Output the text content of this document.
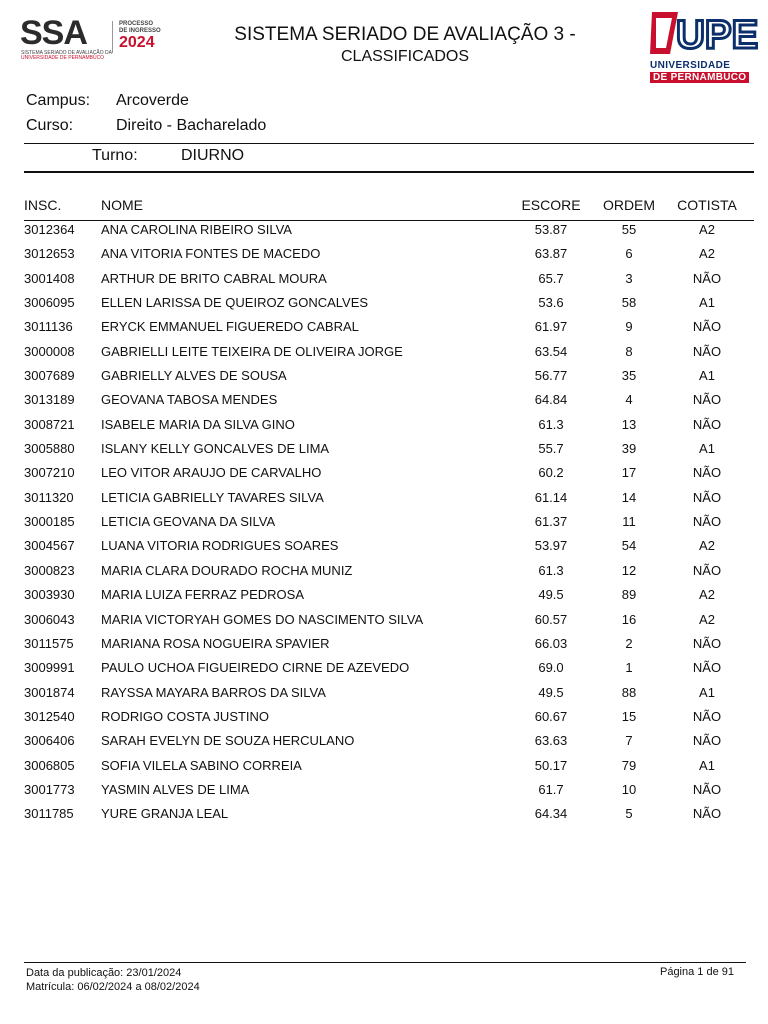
SSA
SISTEMA SERIADO DE AVALIAÇÃO DA
UNIVERSIDADE DE PERNAMBUCO
PROCESSO
DE INGRESSO
2024	SISTEMA SERIADO DE AVALIAÇÃO 3 -
CLASSIFICADOS	UPE
UNIVERSIDADE
DE PERNAMBUCO
Campus: Arcoverde
Curso:	Direito - Bacharelado
Turno:	DIURNO
INSC.	NOME	ESCORE	ORDEM	COTISTA
3012364 ANA CAROLINA RIBEIRO SILVA	53.87	55	A2
3012653 ANA VITORIA FONTES DE MACEDO	63.87	6	A2
3001408 ARTHUR DE BRITO CABRAL MOURA	65.7	3	NÃO
3006095 ELLEN LARISSA DE QUEIROZ GONCALVES	53.6	58	A1
3011136 ERYCK EMMANUEL FIGUEREDO CABRAL	61.97	9	NÃO
3000008 GABRIELLI LEITE TEIXEIRA DE OLIVEIRA JORGE	63.54	8	NÃO
3007689 GABRIELLY ALVES DE SOUSA	56.77	35	A1
3013189 GEOVANA TABOSA MENDES	64.84	4	NÃO
3008721 ISABELE MARIA DA SILVA GINO	61.3	13	NÃO
3005880 ISLANY KELLY GONCALVES DE LIMA	55.7	39	A1
3007210 LEO VITOR ARAUJO DE CARVALHO	60.2	17	NÃO
3011320 LETICIA GABRIELLY TAVARES SILVA	61.14	14	NÃO
3000185 LETICIA GEOVANA DA SILVA	61.37	11	NÃO
3004567 LUANA VITORIA RODRIGUES SOARES	53.97	54	A2
3000823 MARIA CLARA DOURADO ROCHA MUNIZ	61.3	12	NÃO
3003930 MARIA LUIZA FERRAZ PEDROSA	49.5	89	A2
3006043 MARIA VICTORYAH GOMES DO NASCIMENTO SILVA	60.57	16	A2
3011575 MARIANA ROSA NOGUEIRA SPAVIER	66.03	2	NÃO
3009991 PAULO UCHOA FIGUEIREDO CIRNE DE AZEVEDO	69.0	1	NÃO
3001874 RAYSSA MAYARA BARROS DA SILVA	49.5	88	A1
3012540 RODRIGO COSTA JUSTINO	60.67	15	NÃO
3006406 SARAH EVELYN DE SOUZA HERCULANO	63.63	7	NÃO
3006805 SOFIA VILELA SABINO CORREIA	50.17	79	A1
3001773 YASMIN ALVES DE LIMA	61.7	10	NÃO
3011785 YURE GRANJA LEAL	64.34	5	NÃO
Data da publicação: 23/01/2024
Matrícula: 06/02/2024 a 08/02/2024
Página 1 de 91
